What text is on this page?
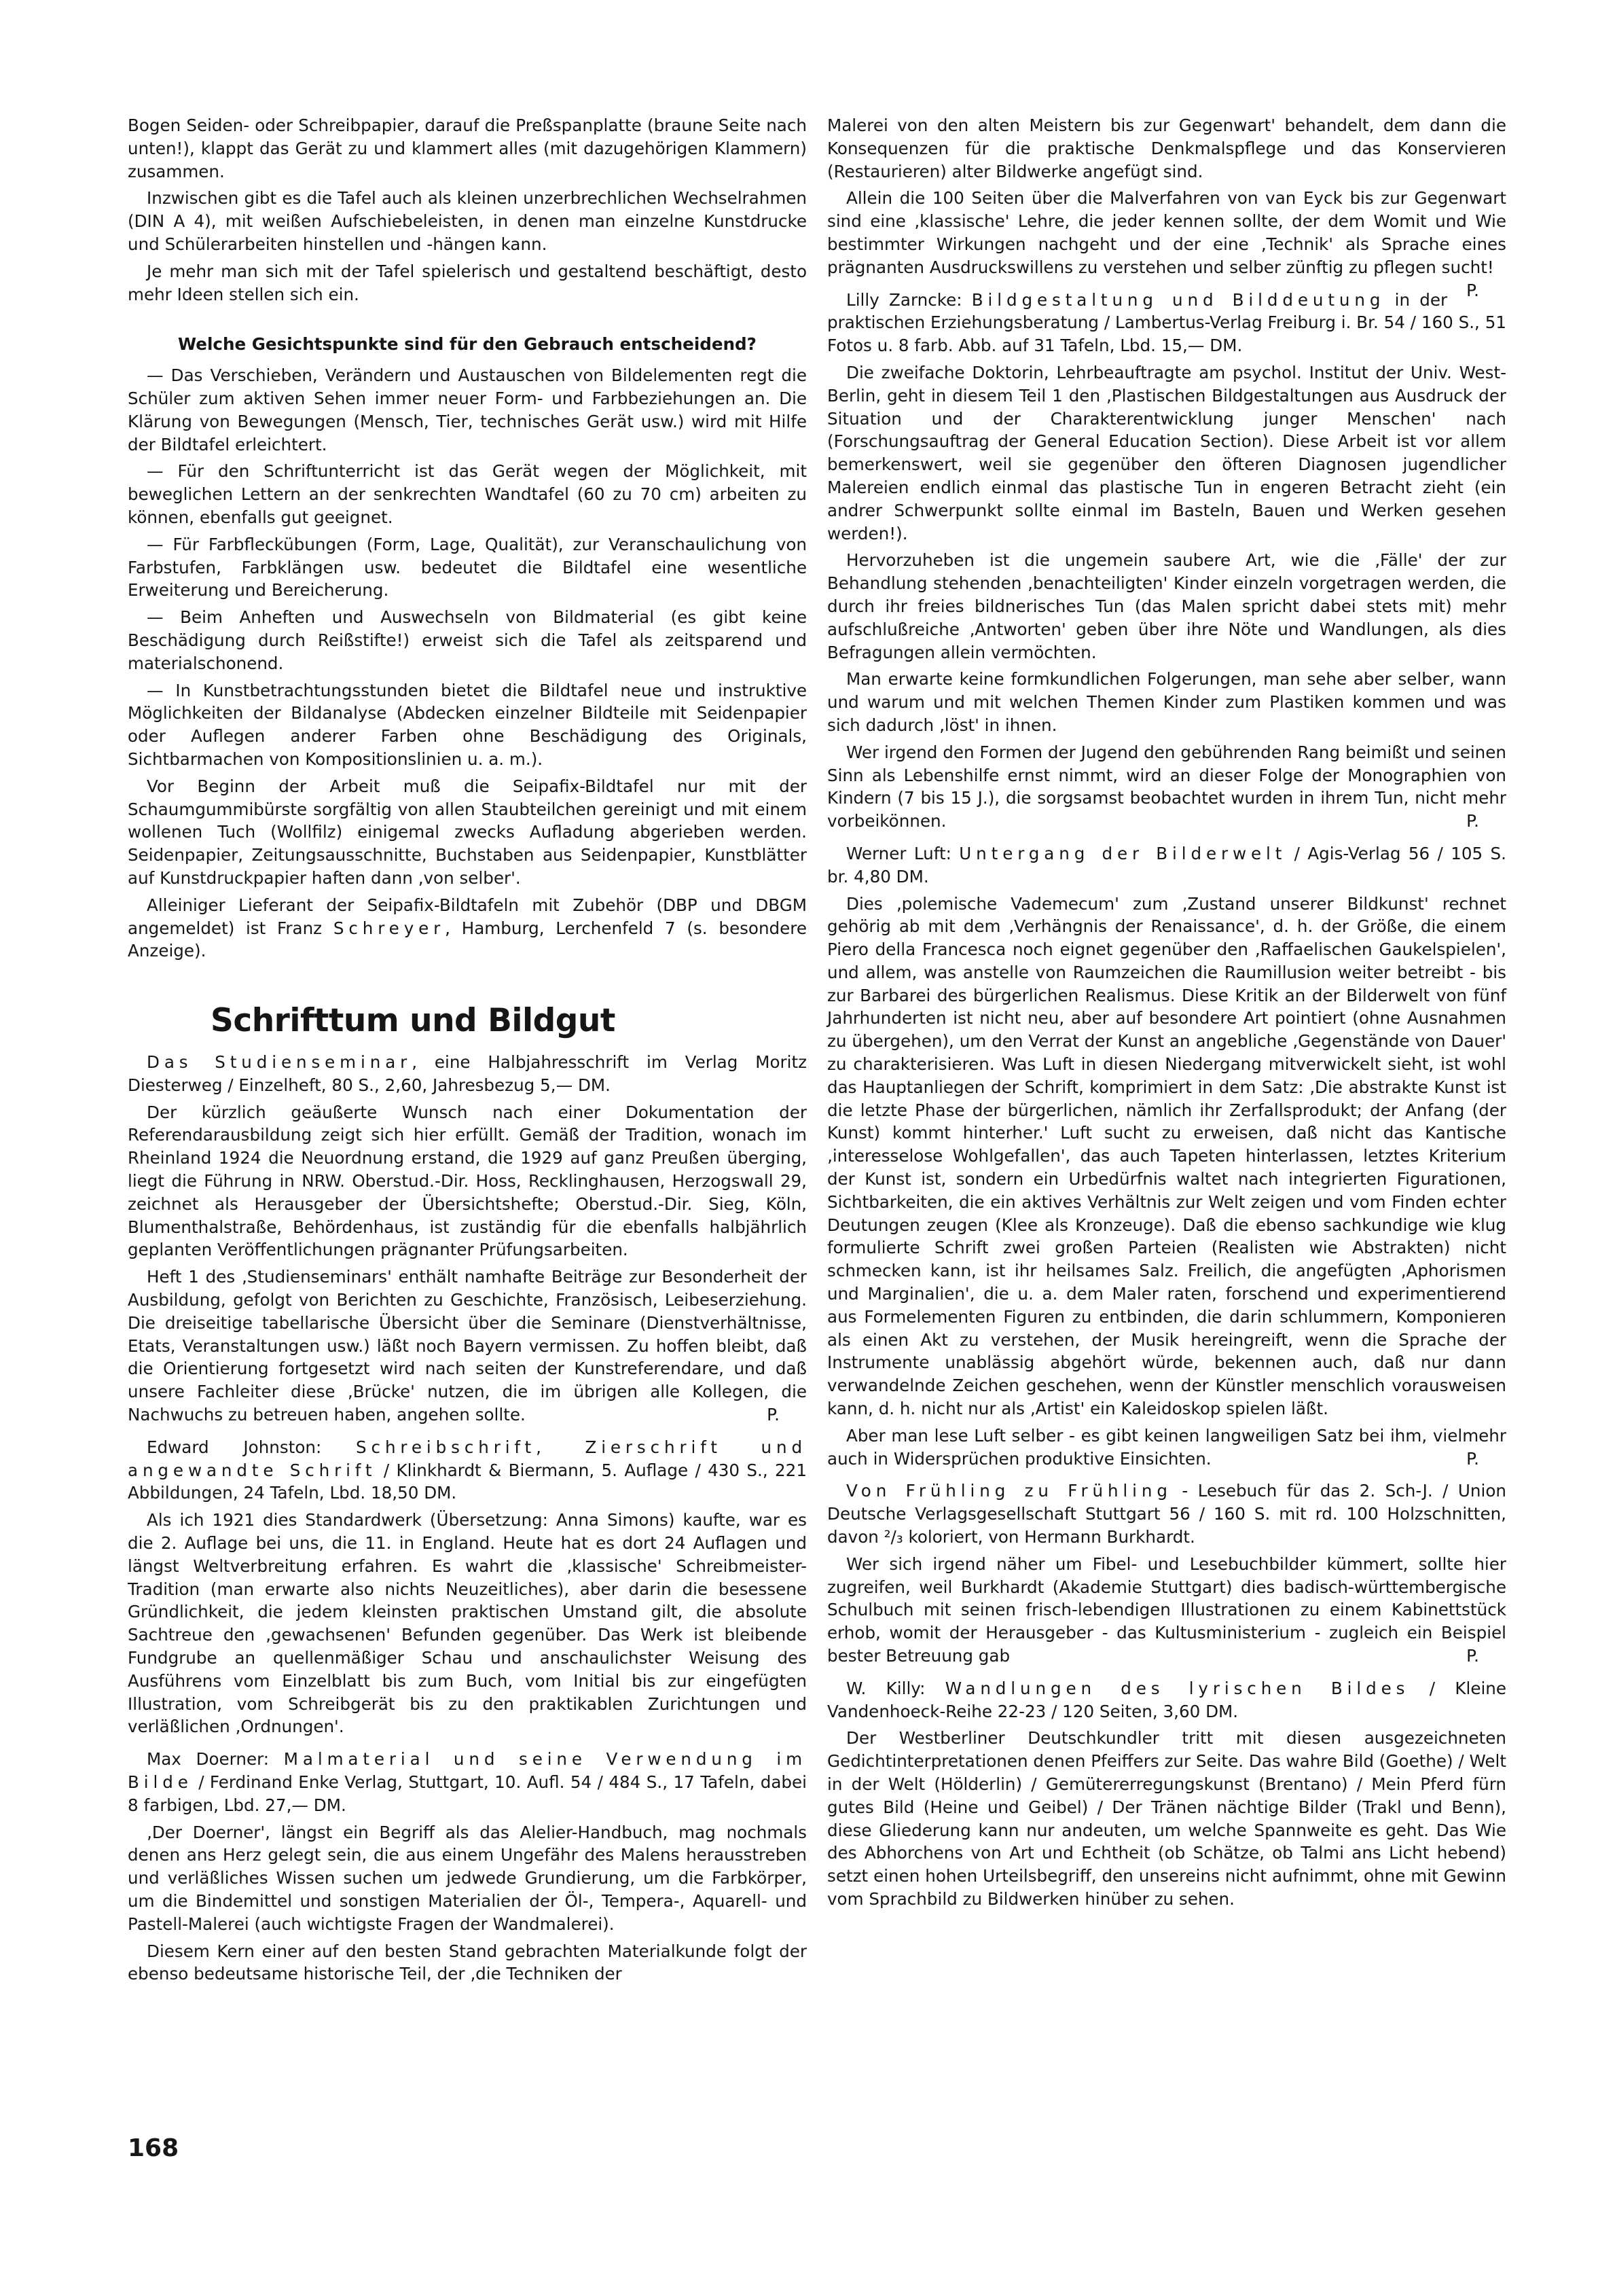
Bogen Seiden- oder Schreibpapier, darauf die Preßspanplatte (braune Seite nach unten!), klappt das Gerät zu und klammert alles (mit dazugehörigen Klammern) zusammen.

Inzwischen gibt es die Tafel auch als kleinen unzerbrechlichen Wechselrahmen (DIN A 4), mit weißen Aufschiebeleisten, in denen man einzelne Kunstdrucke und Schülerarbeiten hinstellen und -hängen kann.

Je mehr man sich mit der Tafel spielerisch und gestaltend beschäftigt, desto mehr Ideen stellen sich ein.

Welche Gesichtspunkte sind für den Gebrauch entscheidend?

— Das Verschieben, Verändern und Austauschen von Bildelementen regt die Schüler zum aktiven Sehen immer neuer Form- und Farbbeziehungen an. Die Klärung von Bewegungen (Mensch, Tier, technisches Gerät usw.) wird mit Hilfe der Bildtafel erleichtert.

— Für den Schriftunterricht ist das Gerät wegen der Möglichkeit, mit beweglichen Lettern an der senkrechten Wandtafel (60 zu 70 cm) arbeiten zu können, ebenfalls gut geeignet.

— Für Farbfleckübungen (Form, Lage, Qualität), zur Veranschaulichung von Farbstufen, Farbklängen usw. bedeutet die Bildtafel eine wesentliche Erweiterung und Bereicherung.

— Beim Anheften und Auswechseln von Bildmaterial (es gibt keine Beschädigung durch Reißstifte!) erweist sich die Tafel als zeitsparend und materialschonend.

— In Kunstbetrachtungsstunden bietet die Bildtafel neue und instruktive Möglichkeiten der Bildanalyse (Abdecken einzelner Bildteile mit Seidenpapier oder Auflegen anderer Farben ohne Beschädigung des Originals, Sichtbarmachen von Kompositionslinien u. a. m.).

Vor Beginn der Arbeit muß die Seipafix-Bildtafel nur mit der Schaumgummibürste sorgfältig von allen Staubteilchen gereinigt und mit einem wollenen Tuch (Wollfilz) einigemal zwecks Aufladung abgerieben werden. Seidenpapier, Zeitungsausschnitte, Buchstaben aus Seidenpapier, Kunstblätter auf Kunstdruckpapier haften dann ‚von selber'.

Alleiniger Lieferant der Seipafix-Bildtafeln mit Zubehör (DBP und DBGM angemeldet) ist Franz Schreyer, Hamburg, Lerchenfeld 7 (s. besondere Anzeige).

Schrifttum und Bildgut

Das Studienseminar, eine Halbjahresschrift im Verlag Moritz Diesterweg / Einzelheft, 80 S., 2,60, Jahresbezug 5,— DM.

Der kürzlich geäußerte Wunsch nach einer Dokumentation der Referendarausbildung zeigt sich hier erfüllt. Gemäß der Tradition, wonach im Rheinland 1924 die Neuordnung erstand, die 1929 auf ganz Preußen überging, liegt die Führung in NRW. Oberstud.-Dir. Hoss, Recklinghausen, Herzogswall 29, zeichnet als Herausgeber der Übersichtshefte; Oberstud.-Dir. Sieg, Köln, Blumenthalstraße, Behördenhaus, ist zuständig für die ebenfalls halbjährlich geplanten Veröffentlichungen prägnanter Prüfungsarbeiten.

Heft 1 des ‚Studienseminars' enthält namhafte Beiträge zur Besonderheit der Ausbildung, gefolgt von Berichten zu Geschichte, Französisch, Leibeserziehung. Die dreiseitige tabellarische Übersicht über die Seminare (Dienstverhältnisse, Etats, Veranstaltungen usw.) läßt noch Bayern vermissen. Zu hoffen bleibt, daß die Orientierung fortgesetzt wird nach seiten der Kunstreferendare, und daß unsere Fachleiter diese ‚Brücke' nutzen, die im übrigen alle Kollegen, die Nachwuchs zu betreuen haben, angehen sollte.	P.

Edward Johnston: Schreibschrift, Zierschrift und angewandte Schrift / Klinkhardt & Biermann, 5. Auflage / 430 S., 221 Abbildungen, 24 Tafeln, Lbd. 18,50 DM.

Als ich 1921 dies Standardwerk (Übersetzung: Anna Simons) kaufte, war es die 2. Auflage bei uns, die 11. in England. Heute hat es dort 24 Auflagen und längst Weltverbreitung erfahren. Es wahrt die ‚klassische' Schreibmeister-Tradition (man erwarte also nichts Neuzeitliches), aber darin die besessene Gründlichkeit, die jedem kleinsten praktischen Umstand gilt, die absolute Sachtreue den ‚gewachsenen' Befunden gegenüber. Das Werk ist bleibende Fundgrube an quellenmäßiger Schau und anschaulichster Weisung des Ausführens vom Einzelblatt bis zum Buch, vom Initial bis zur eingefügten Illustration, vom Schreibgerät bis zu den praktikablen Zurichtungen und verläßlichen ‚Ordnungen'.

Max Doerner: Malmaterial und seine Verwendung im Bilde / Ferdinand Enke Verlag, Stuttgart, 10. Aufl. 54 / 484 S., 17 Tafeln, dabei 8 farbigen, Lbd. 27,— DM.

‚Der Doerner', längst ein Begriff als das Alelier-Handbuch, mag nochmals denen ans Herz gelegt sein, die aus einem Ungefähr des Malens herausstreben und verläßliches Wissen suchen um jedwede Grundierung, um die Farbkörper, um die Bindemittel und sonstigen Materialien der Öl-, Tempera-, Aquarell- und Pastell-Malerei (auch wichtigste Fragen der Wandmalerei).

Diesem Kern einer auf den besten Stand gebrachten Materialkunde folgt der ebenso bedeutsame historische Teil, der ‚die Techniken der

Malerei von den alten Meistern bis zur Gegenwart' behandelt, dem dann die Konsequenzen für die praktische Denkmalspflege und das Konservieren (Restaurieren) alter Bildwerke angefügt sind.

Allein die 100 Seiten über die Malverfahren von van Eyck bis zur Gegenwart sind eine ‚klassische' Lehre, die jeder kennen sollte, der dem Womit und Wie bestimmter Wirkungen nachgeht und der eine ‚Technik' als Sprache eines prägnanten Ausdruckswillens zu verstehen und selber zünftig zu pflegen sucht!
P.

Lilly Zarncke: Bildgestaltung und Bilddeutung in der praktischen Erziehungsberatung / Lambertus-Verlag Freiburg i. Br. 54 / 160 S., 51 Fotos u. 8 farb. Abb. auf 31 Tafeln, Lbd. 15,— DM.

Die zweifache Doktorin, Lehrbeauftragte am psychol. Institut der Univ. West-Berlin, geht in diesem Teil 1 den ‚Plastischen Bildgestaltungen aus Ausdruck der Situation und der Charakterentwicklung junger Menschen' nach (Forschungsauftrag der General Education Section). Diese Arbeit ist vor allem bemerkenswert, weil sie gegenüber den öfteren Diagnosen jugendlicher Malereien endlich einmal das plastische Tun in engeren Betracht zieht (ein andrer Schwerpunkt sollte einmal im Basteln, Bauen und Werken gesehen werden!).

Hervorzuheben ist die ungemein saubere Art, wie die ‚Fälle' der zur Behandlung stehenden ‚benachteiligten' Kinder einzeln vorgetragen werden, die durch ihr freies bildnerisches Tun (das Malen spricht dabei stets mit) mehr aufschlußreiche ‚Antworten' geben über ihre Nöte und Wandlungen, als dies Befragungen allein vermöchten.

Man erwarte keine formkundlichen Folgerungen, man sehe aber selber, wann und warum und mit welchen Themen Kinder zum Plastiken kommen und was sich dadurch ‚löst' in ihnen.

Wer irgend den Formen der Jugend den gebührenden Rang beimißt und seinen Sinn als Lebenshilfe ernst nimmt, wird an dieser Folge der Monographien von Kindern (7 bis 15 J.), die sorgsamst beobachtet wurden in ihrem Tun, nicht mehr vorbeikönnen.	P.

Werner Luft: Untergang der Bilderwelt / Agis-Verlag 56 / 105 S. br. 4,80 DM.

Dies ‚polemische Vademecum' zum ‚Zustand unserer Bildkunst' rechnet gehörig ab mit dem ‚Verhängnis der Renaissance', d. h. der Größe, die einem Piero della Francesca noch eignet gegenüber den ‚Raffaelischen Gaukelspielen', und allem, was anstelle von Raumzeichen die Raumillusion weiter betreibt - bis zur Barbarei des bürgerlichen Realismus. Diese Kritik an der Bilderwelt von fünf Jahrhunderten ist nicht neu, aber auf besondere Art pointiert (ohne Ausnahmen zu übergehen), um den Verrat der Kunst an angebliche ‚Gegenstände von Dauer' zu charakterisieren. Was Luft in diesen Niedergang mitverwickelt sieht, ist wohl das Hauptanliegen der Schrift, komprimiert in dem Satz: ‚Die abstrakte Kunst ist die letzte Phase der bürgerlichen, nämlich ihr Zerfallsprodukt; der Anfang (der Kunst) kommt hinterher.' Luft sucht zu erweisen, daß nicht das Kantische ‚interesselose Wohlgefallen', das auch Tapeten hinterlassen, letztes Kriterium der Kunst ist, sondern ein Urbedürfnis waltet nach integrierten Figurationen, Sichtbarkeiten, die ein aktives Verhältnis zur Welt zeigen und vom Finden echter Deutungen zeugen (Klee als Kronzeuge). Daß die ebenso sachkundige wie klug formulierte Schrift zwei großen Parteien (Realisten wie Abstrakten) nicht schmecken kann, ist ihr heilsames Salz. Freilich, die angefügten ‚Aphorismen und Marginalien', die u. a. dem Maler raten, forschend und experimentierend aus Formelementen Figuren zu entbinden, die darin schlummern, Komponieren als einen Akt zu verstehen, der Musik hereingreift, wenn die Sprache der Instrumente unablässig abgehört würde, bekennen auch, daß nur dann verwandelnde Zeichen geschehen, wenn der Künstler menschlich vorausweisen kann, d. h. nicht nur als ‚Artist' ein Kaleidoskop spielen läßt.

Aber man lese Luft selber - es gibt keinen langweiligen Satz bei ihm, vielmehr auch in Widersprüchen produktive Einsichten.	P.

Von Frühling zu Frühling - Lesebuch für das 2. Sch-J. / Union Deutsche Verlagsgesellschaft Stuttgart 56 / 160 S. mit rd. 100 Holzschnitten, davon ²/₃ koloriert, von Hermann Burkhardt.

Wer sich irgend näher um Fibel- und Lesebuchbilder kümmert, sollte hier zugreifen, weil Burkhardt (Akademie Stuttgart) dies badisch-württembergische Schulbuch mit seinen frisch-lebendigen Illustrationen zu einem Kabinettstück erhob, womit der Herausgeber - das Kultusministerium - zugleich ein Beispiel bester Betreuung gab	P.

W. Killy: Wandlungen des lyrischen Bildes / Kleine Vandenhoeck-Reihe 22-23 / 120 Seiten, 3,60 DM.

Der Westberliner Deutschkundler tritt mit diesen ausgezeichneten Gedichtinterpretationen denen Pfeiffers zur Seite. Das wahre Bild (Goethe) / Welt in der Welt (Hölderlin) / Gemütererregungskunst (Brentano) / Mein Pferd fürn gutes Bild (Heine und Geibel) / Der Tränen nächtige Bilder (Trakl und Benn), diese Gliederung kann nur andeuten, um welche Spannweite es geht. Das Wie des Abhorchens von Art und Echtheit (ob Schätze, ob Talmi ans Licht hebend) setzt einen hohen Urteilsbegriff, den unsereins nicht aufnimmt, ohne mit Gewinn vom Sprachbild zu Bildwerken hinüber zu sehen.

168
